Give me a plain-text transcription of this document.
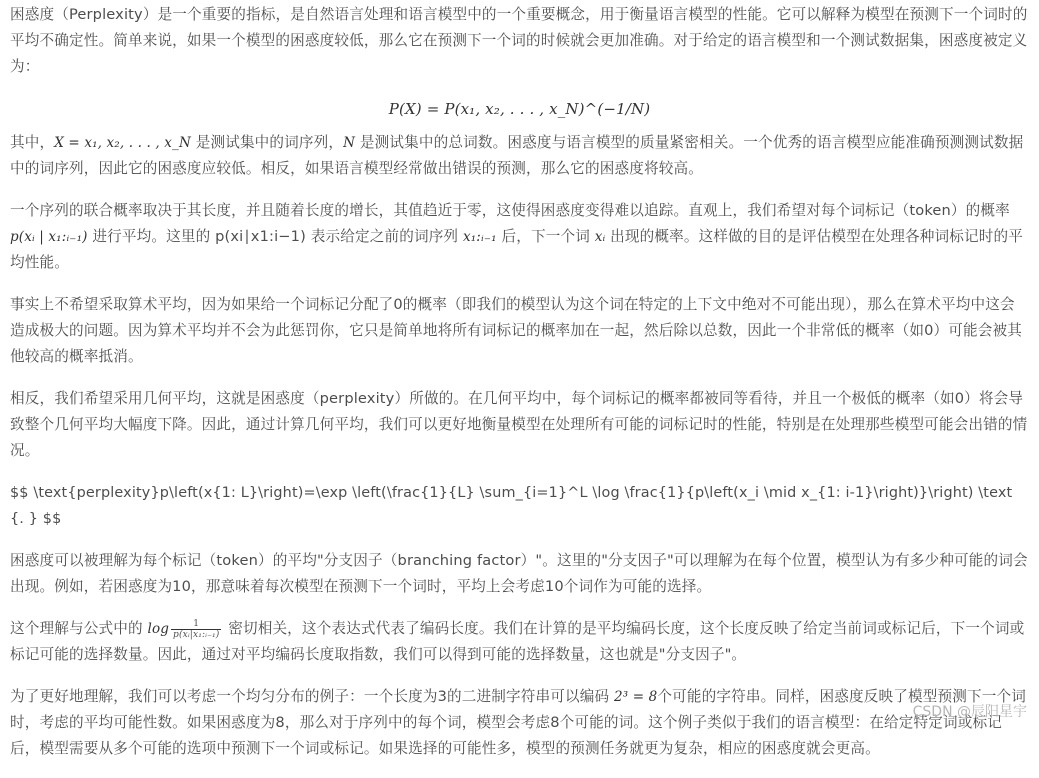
困惑度（Perplexity）是一个重要的指标，是自然语言处理和语言模型中的一个重要概念，用于衡量语言模型的性能。它可以解释为模型在预测下一个词时的平均不确定性。简单来说，如果一个模型的困惑度较低，那么它在预测下一个词的时候就会更加准确。对于给定的语言模型和一个测试数据集，困惑度被定义为：

P(X) = P(x₁, x₂, . . . , x_N)^(−1/N)

其中，X = x₁, x₂, . . . , x_N 是测试集中的词序列，N 是测试集中的总词数。困惑度与语言模型的质量紧密相关。一个优秀的语言模型应能准确预测测试数据中的词序列，因此它的困惑度应较低。相反，如果语言模型经常做出错误的预测，那么它的困惑度将较高。

一个序列的联合概率取决于其长度，并且随着长度的增长，其值趋近于零，这使得困惑度变得难以追踪。直观上，我们希望对每个词标记（token）的概率 p(xᵢ | x₁:ᵢ₋₁) 进行平均。这里的 p(xi∣x1:i−1) 表示给定之前的词序列 x₁:ᵢ₋₁ 后，下一个词 xᵢ 出现的概率。这样做的目的是评估模型在处理各种词标记时的平均性能。

事实上不希望采取算术平均，因为如果给一个词标记分配了0的概率（即我们的模型认为这个词在特定的上下文中绝对不可能出现），那么在算术平均中这会造成极大的问题。因为算术平均并不会为此惩罚你，它只是简单地将所有词标记的概率加在一起，然后除以总数，因此一个非常低的概率（如0）可能会被其他较高的概率抵消。

相反，我们希望采用几何平均，这就是困惑度（perplexity）所做的。在几何平均中，每个词标记的概率都被同等看待，并且一个极低的概率（如0）将会导致整个几何平均大幅度下降。因此，通过计算几何平均，我们可以更好地衡量模型在处理所有可能的词标记时的性能，特别是在处理那些模型可能会出错的情况。

$$ \text{perplexity}p\left(x{1: L}\right)=\exp \left(\frac{1}{L} \sum_{i=1}^L \log \frac{1}{p\left(x_i \mid x_{1: i-1}\right)}\right) \text {. } $$

困惑度可以被理解为每个标记（token）的平均"分支因子（branching factor）"。这里的"分支因子"可以理解为在每个位置，模型认为有多少种可能的词会出现。例如，若困惑度为10，那意味着每次模型在预测下一个词时，平均上会考虑10个词作为可能的选择。

这个理解与公式中的 $\log \frac{1}{\text{p(xᵢ|x₁:ᵢ₋₁)}}$ 密切相关，这个表达式代表了编码长度。我们在计算的是平均编码长度，这个长度反映了给定当前词或标记后，下一个词或标记可能的选择数量。因此，通过对平均编码长度取指数，我们可以得到可能的选择数量，这也就是"分支因子"。

为了更好地理解，我们可以考虑一个均匀分布的例子：一个长度为3的二进制字符串可以编码 2³ = 8个可能的字符串。同样，困惑度反映了模型预测下一个词时，考虑的平均可能性数。如果困惑度为8，那么对于序列中的每个词，模型会考虑8个可能的词。这个例子类似于我们的语言模型：在给定特定词或标记后，模型需要从多个可能的选项中预测下一个词或标记。如果选择的可能性多，模型的预测任务就更为复杂，相应的困惑度就会更高。

CSDN @辰阳星宇
